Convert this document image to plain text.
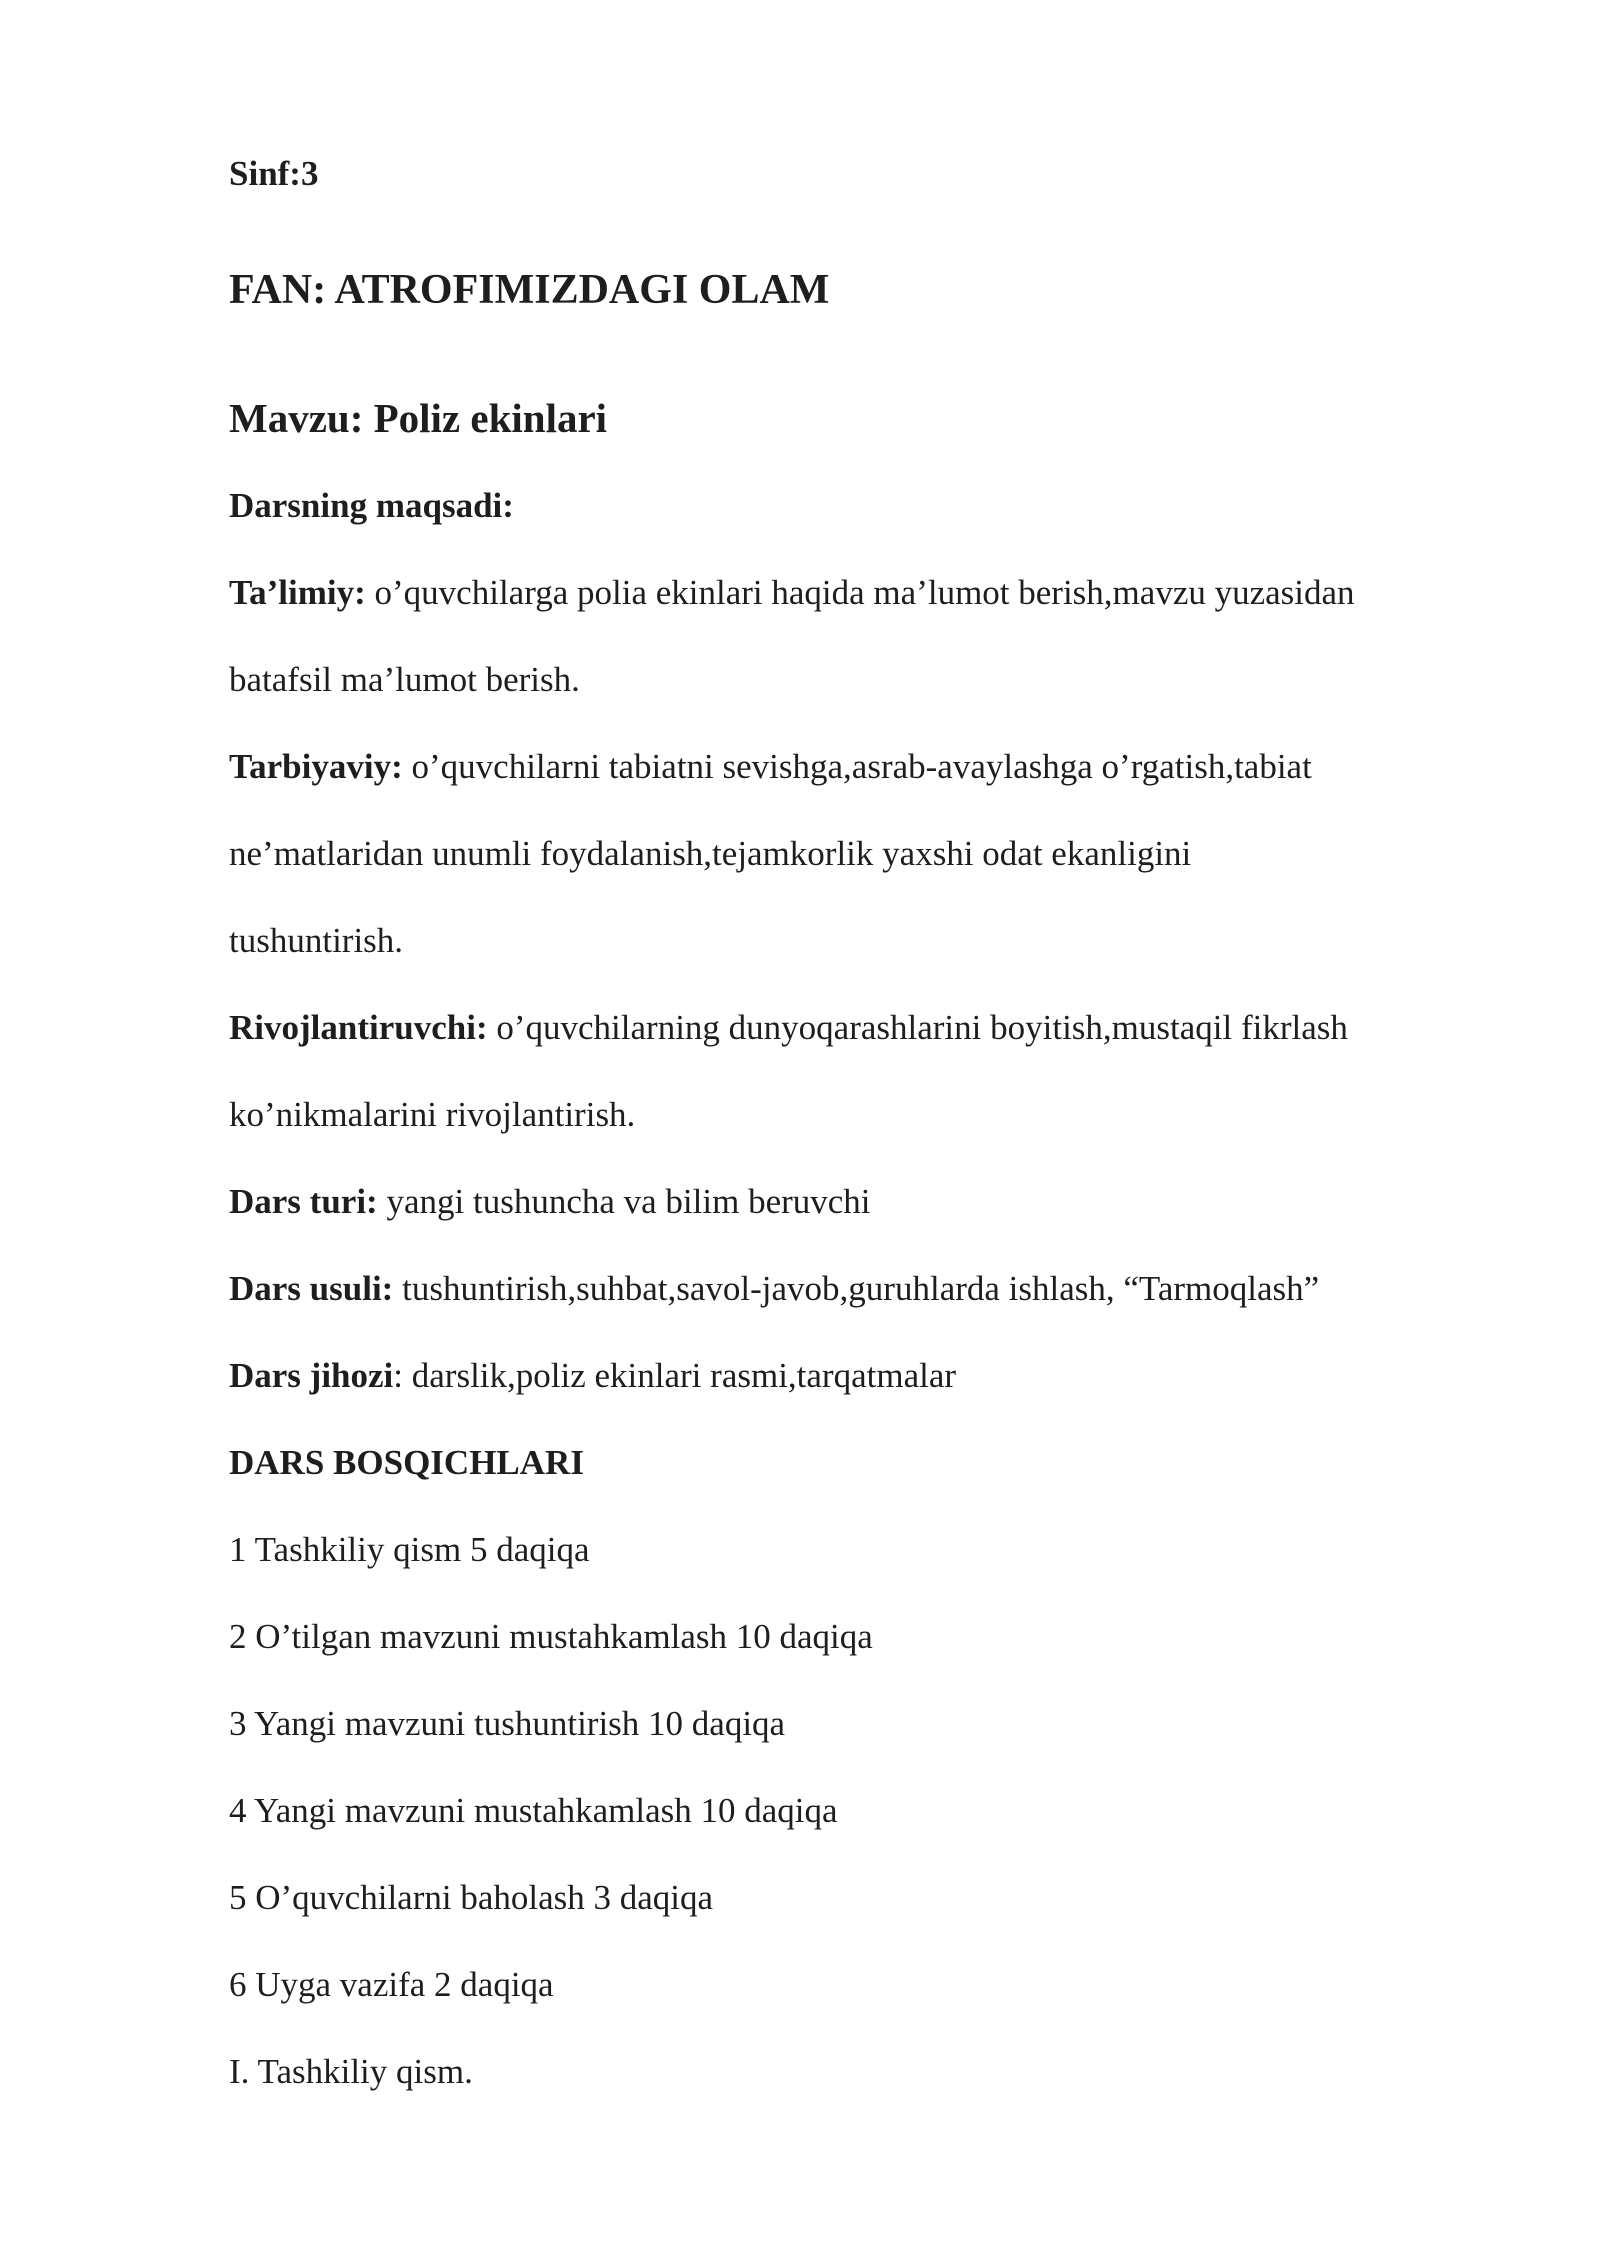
Sinf:3
FAN: ATROFIMIZDAGI OLAM
Mavzu: Poliz ekinlari
Darsning maqsadi:
Ta’limiy: o’quvchilarga polia ekinlari haqida ma’lumot berish,mavzu yuzasidan
batafsil ma’lumot berish.
Tarbiyaviy: o’quvchilarni tabiatni sevishga,asrab-avaylashga o’rgatish,tabiat
ne’matlaridan unumli foydalanish,tejamkorlik yaxshi odat ekanligini
tushuntirish.
Rivojlantiruvchi: o’quvchilarning dunyoqarashlarini boyitish,mustaqil fikrlash
ko’nikmalarini rivojlantirish.
Dars turi: yangi tushuncha va bilim beruvchi
Dars usuli: tushuntirish,suhbat,savol-javob,guruhlarda ishlash, “Tarmoqlash”
Dars jihozi: darslik,poliz ekinlari rasmi,tarqatmalar
DARS BOSQICHLARI
1 Tashkiliy qism 5 daqiqa
2 O’tilgan mavzuni mustahkamlash 10 daqiqa
3 Yangi mavzuni tushuntirish 10 daqiqa
4 Yangi mavzuni mustahkamlash 10 daqiqa
5 O’quvchilarni baholash 3 daqiqa
6 Uyga vazifa 2 daqiqa
I. Tashkiliy qism.
